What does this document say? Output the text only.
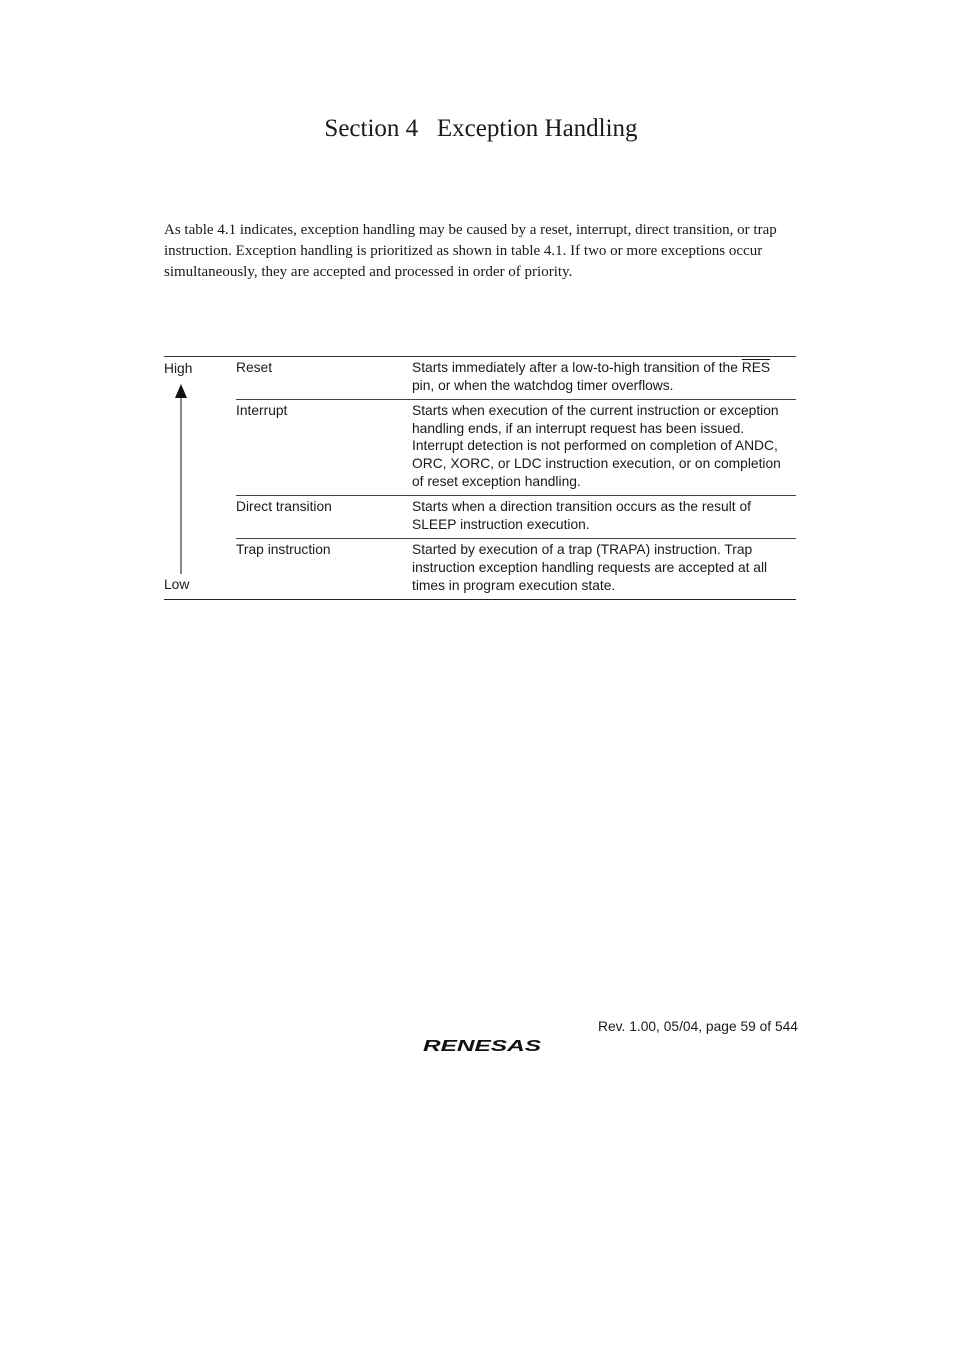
Section 4   Exception Handling

As table 4.1 indicates, exception handling may be caused by a reset, interrupt, direct transition, or trap instruction. Exception handling is prioritized as shown in table 4.1. If two or more exceptions occur simultaneously, they are accepted and processed in order of priority.

High
Low
Reset	Starts immediately after a low-to-high transition of the $\overline{RES}$ pin, or when the watchdog timer overflows.
Interrupt	Starts when execution of the current instruction or exception handling ends, if an interrupt request has been issued. Interrupt detection is not performed on completion of ANDC, ORC, XORC, or LDC instruction execution, or on completion of reset exception handling.
Direct transition	Starts when a direction transition occurs as the result of SLEEP instruction execution.
Trap instruction	Started by execution of a trap (TRAPA) instruction. Trap instruction exception handling requests are accepted at all times in program execution state.
Rev. 1.00, 05/04, page 59 of 544
RENESAS
